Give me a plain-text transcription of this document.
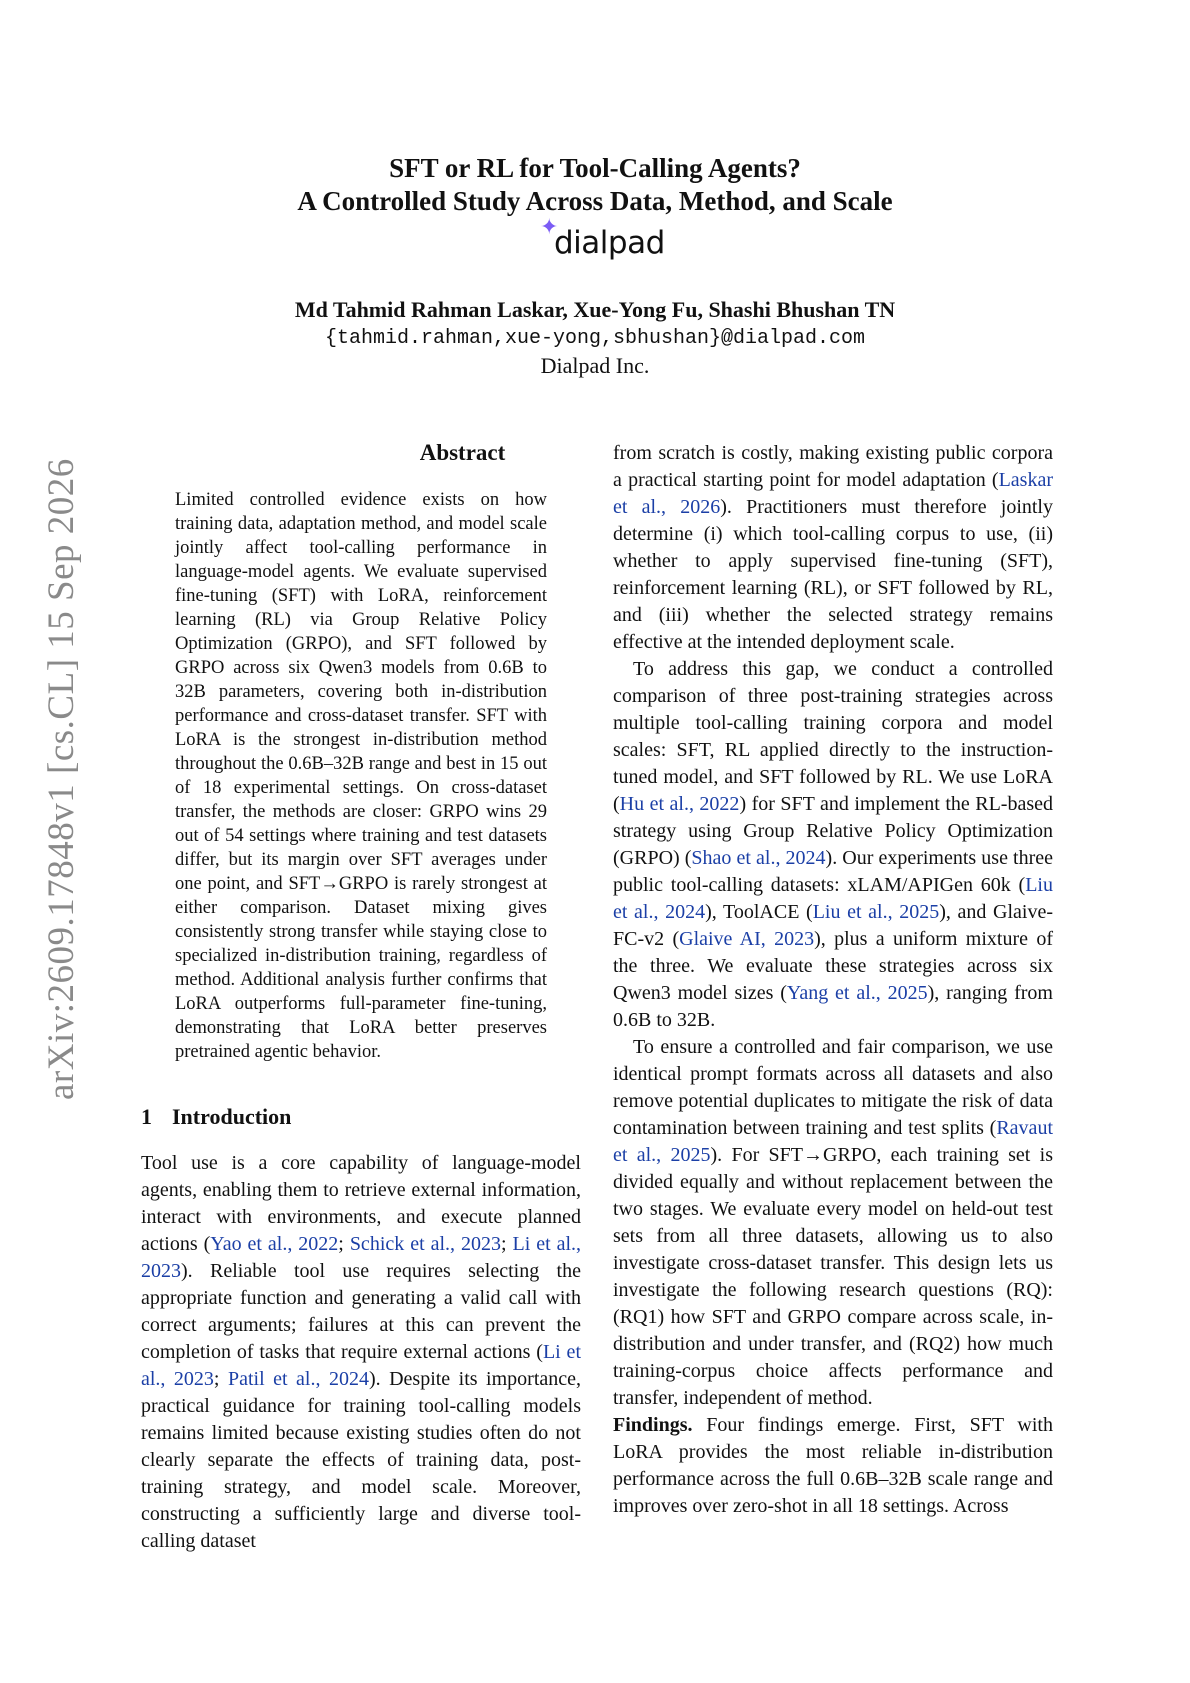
arXiv:2609.17848v1 [cs.CL] 15 Sep 2026
SFT or RL for Tool-Calling Agents?
A Controlled Study Across Data, Method, and Scale
✦
dialpad
Md Tahmid Rahman Laskar, Xue-Yong Fu, Shashi Bhushan TN
{tahmid.rahman,xue-yong,sbhushan}@dialpad.com
Dialpad Inc.
Abstract
Limited controlled evidence exists on how training data, adaptation method, and model scale jointly affect tool-calling performance in language-model agents. We evaluate supervised fine-tuning (SFT) with LoRA, reinforcement learning (RL) via Group Relative Policy Optimization (GRPO), and SFT followed by GRPO across six Qwen3 models from 0.6B to 32B parameters, covering both in-distribution performance and cross-dataset transfer. SFT with LoRA is the strongest in-distribution method throughout the 0.6B–32B range and best in 15 out of 18 experimental settings. On cross-dataset transfer, the methods are closer: GRPO wins 29 out of 54 settings where training and test datasets differ, but its margin over SFT averages under one point, and SFT→GRPO is rarely strongest at either comparison. Dataset mixing gives consistently strong transfer while staying close to specialized in-distribution training, regardless of method. Additional analysis further confirms that LoRA outperforms full-parameter fine-tuning, demonstrating that LoRA better preserves pretrained agentic behavior.
1 Introduction

Tool use is a core capability of language-model agents, enabling them to retrieve external information, interact with environments, and execute planned actions (Yao et al., 2022; Schick et al., 2023; Li et al., 2023). Reliable tool use requires selecting the appropriate function and generating a valid call with correct arguments; failures at this can prevent the completion of tasks that require external actions (Li et al., 2023; Patil et al., 2024). Despite its importance, practical guidance for training tool-calling models remains limited because existing studies often do not clearly separate the effects of training data, post-training strategy, and model scale. Moreover, constructing a sufficiently large and diverse tool-calling dataset

from scratch is costly, making existing public corpora a practical starting point for model adaptation (Laskar et al., 2026). Practitioners must therefore jointly determine (i) which tool-calling corpus to use, (ii) whether to apply supervised fine-tuning (SFT), reinforcement learning (RL), or SFT followed by RL, and (iii) whether the selected strategy remains effective at the intended deployment scale.

To address this gap, we conduct a controlled comparison of three post-training strategies across multiple tool-calling training corpora and model scales: SFT, RL applied directly to the instruction-tuned model, and SFT followed by RL. We use LoRA (Hu et al., 2022) for SFT and implement the RL-based strategy using Group Relative Policy Optimization (GRPO) (Shao et al., 2024). Our experiments use three public tool-calling datasets: xLAM/APIGen 60k (Liu et al., 2024), ToolACE (Liu et al., 2025), and Glaive-FC-v2 (Glaive AI, 2023), plus a uniform mixture of the three. We evaluate these strategies across six Qwen3 model sizes (Yang et al., 2025), ranging from 0.6B to 32B.

To ensure a controlled and fair comparison, we use identical prompt formats across all datasets and also remove potential duplicates to mitigate the risk of data contamination between training and test splits (Ravaut et al., 2025). For SFT→GRPO, each training set is divided equally and without replacement between the two stages. We evaluate every model on held-out test sets from all three datasets, allowing us to also investigate cross-dataset transfer. This design lets us investigate the following research questions (RQ): (RQ1) how SFT and GRPO compare across scale, in-distribution and under transfer, and (RQ2) how much training-corpus choice affects performance and transfer, independent of method.

Findings. Four findings emerge. First, SFT with LoRA provides the most reliable in-distribution performance across the full 0.6B–32B scale range and improves over zero-shot in all 18 settings. Across
